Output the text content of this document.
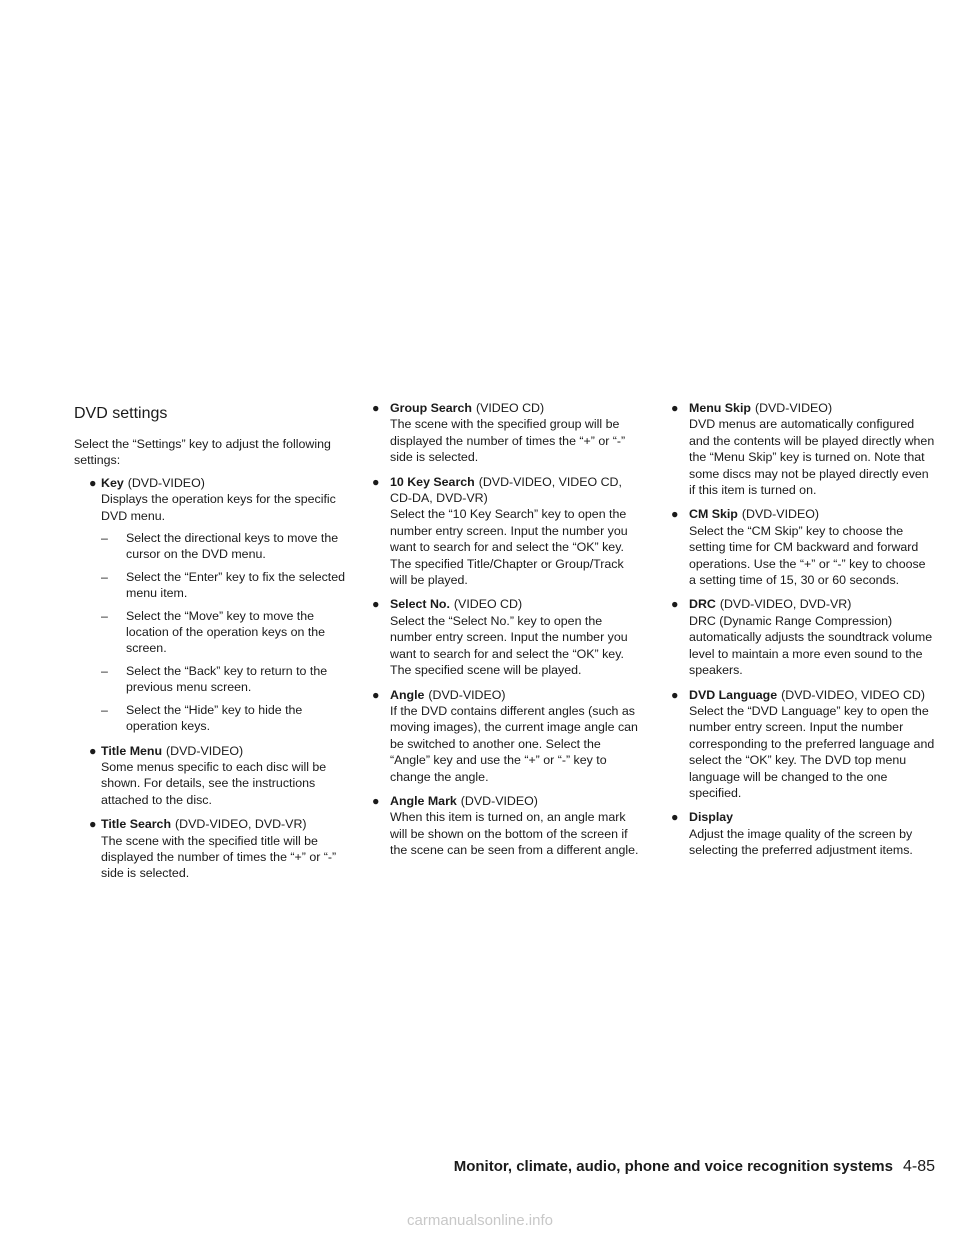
DVD settings

Select the “Settings” key to adjust the following settings:

● Key (DVD-VIDEO)

Displays the operation keys for the specific DVD menu.

– Select the directional keys to move the cursor on the DVD menu.
– Select the “Enter” key to fix the selected menu item.
– Select the “Move” key to move the location of the operation keys on the screen.
– Select the “Back” key to return to the previous menu screen.
– Select the “Hide” key to hide the operation keys.
● Title Menu (DVD-VIDEO)

Some menus specific to each disc will be shown. For details, see the instructions attached to the disc.

● Title Search (DVD-VIDEO, DVD-VR)

The scene with the specified title will be displayed the number of times the “+” or “-” side is selected.

● Group Search (VIDEO CD)

The scene with the specified group will be displayed the number of times the “+” or “-” side is selected.

● 10 Key Search (DVD-VIDEO, VIDEO CD, CD-DA, DVD-VR)

Select the “10 Key Search” key to open the number entry screen. Input the number you want to search for and select the “OK” key. The specified Title/Chapter or Group/Track will be played.

● Select No. (VIDEO CD)

Select the “Select No.” key to open the number entry screen. Input the number you want to search for and select the “OK” key. The specified scene will be played.

● Angle (DVD-VIDEO)

If the DVD contains different angles (such as moving images), the current image angle can be switched to another one. Select the “Angle” key and use the “+” or “-” key to change the angle.

● Angle Mark (DVD-VIDEO)

When this item is turned on, an angle mark will be shown on the bottom of the screen if the scene can be seen from a different angle.

● Menu Skip (DVD-VIDEO)

DVD menus are automatically configured and the contents will be played directly when the “Menu Skip” key is turned on. Note that some discs may not be played directly even if this item is turned on.

● CM Skip (DVD-VIDEO)

Select the “CM Skip” key to choose the setting time for CM backward and forward operations. Use the “+” or “-” key to choose a setting time of 15, 30 or 60 seconds.

● DRC (DVD-VIDEO, DVD-VR)

DRC (Dynamic Range Compression) automatically adjusts the soundtrack volume level to maintain a more even sound to the speakers.

● DVD Language (DVD-VIDEO, VIDEO CD)

Select the “DVD Language” key to open the number entry screen. Input the number corresponding to the preferred language and select the “OK” key. The DVD top menu language will be changed to the one specified.

● Display

Adjust the image quality of the screen by selecting the preferred adjustment items.

Monitor, climate, audio, phone and voice recognition systems 4-85
carmanualsonline.info
